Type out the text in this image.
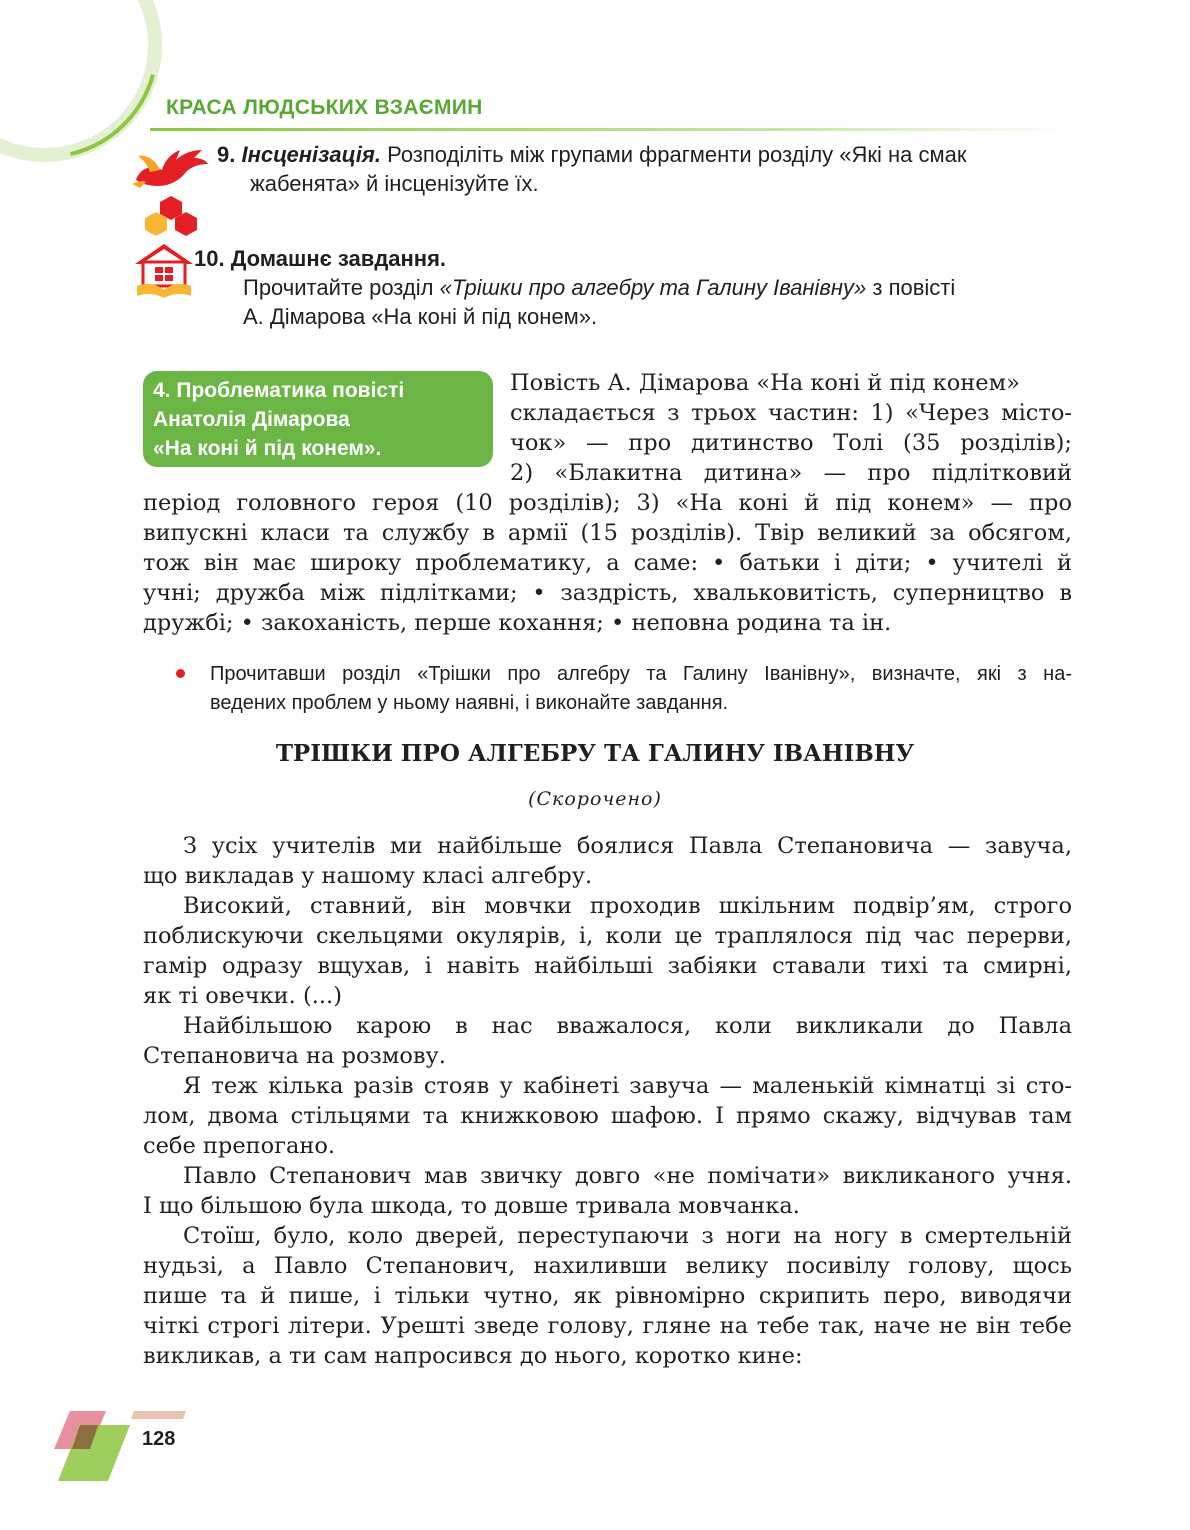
КРАСА ЛЮДСЬКИХ ВЗАЄМИН
9. Інсценізація. Розподіліть між групами фрагменти розділу «Які на смак
жабенята» й інсценізуйте їх.
10. Домашнє завдання.
Прочитайте розділ «Трішки про алгебру та Галину Іванівну» з повісті
А. Дімарова «На коні й під конем».
4. Проблематика повісті
Анатолія Дімарова
«На коні й під конем».
Повість А. Дімарова «На коні й під конем»
складається з трьох частин: 1) «Через місто-
чок» — про дитинство Толі (35 розділів);
2) «Блакитна дитина» — про підлітковий
період головного героя (10 розділів); 3) «На коні й під конем» — про
випускні класи та службу в армії (15 розділів). Твір великий за обсягом,
тож він має широку проблематику, а саме: • батьки і діти; • учителі й
учні; дружба між підлітками; • заздрість, хвальковитість, суперництво в
дружбі; • закоханість, перше кохання; • неповна родина та ін.
Прочитавши розділ «Трішки про алгебру та Галину Іванівну», визначте, які з на-
ведених проблем у ньому наявні, і виконайте завдання.
ТРІШКИ ПРО АЛГЕБРУ ТА ГАЛИНУ ІВАНІВНУ
(Скорочено)
З усіх учителів ми найбільше боялися Павла Степановича — завуча,
що викладав у нашому класі алгебру.
Високий, ставний, він мовчки проходив шкільним подвір’ям, строго
поблискуючи скельцями окулярів, і, коли це траплялося під час перерви,
гамір одразу вщухав, і навіть найбільші забіяки ставали тихі та смирні,
як ті овечки. (...)
Найбільшою карою в нас вважалося, коли викликали до Павла
Степановича на розмову.
Я теж кілька разів стояв у кабінеті завуча — маленькій кімнатці зі сто-
лом, двома стільцями та книжковою шафою. І прямо скажу, відчував там
себе препогано.
Павло Степанович мав звичку довго «не помічати» викликаного учня.
І що більшою була шкода, то довше тривала мовчанка.
Стоїш, було, коло дверей, переступаючи з ноги на ногу в смертельній
нудьзі, а Павло Степанович, нахиливши велику посивілу голову, щось
пише та й пише, і тільки чутно, як рівномірно скрипить перо, виводячи
чіткі строгі літери. Урешті зведе голову, гляне на тебе так, наче не він тебе
викликав, а ти сам напросився до нього, коротко кине:
128
